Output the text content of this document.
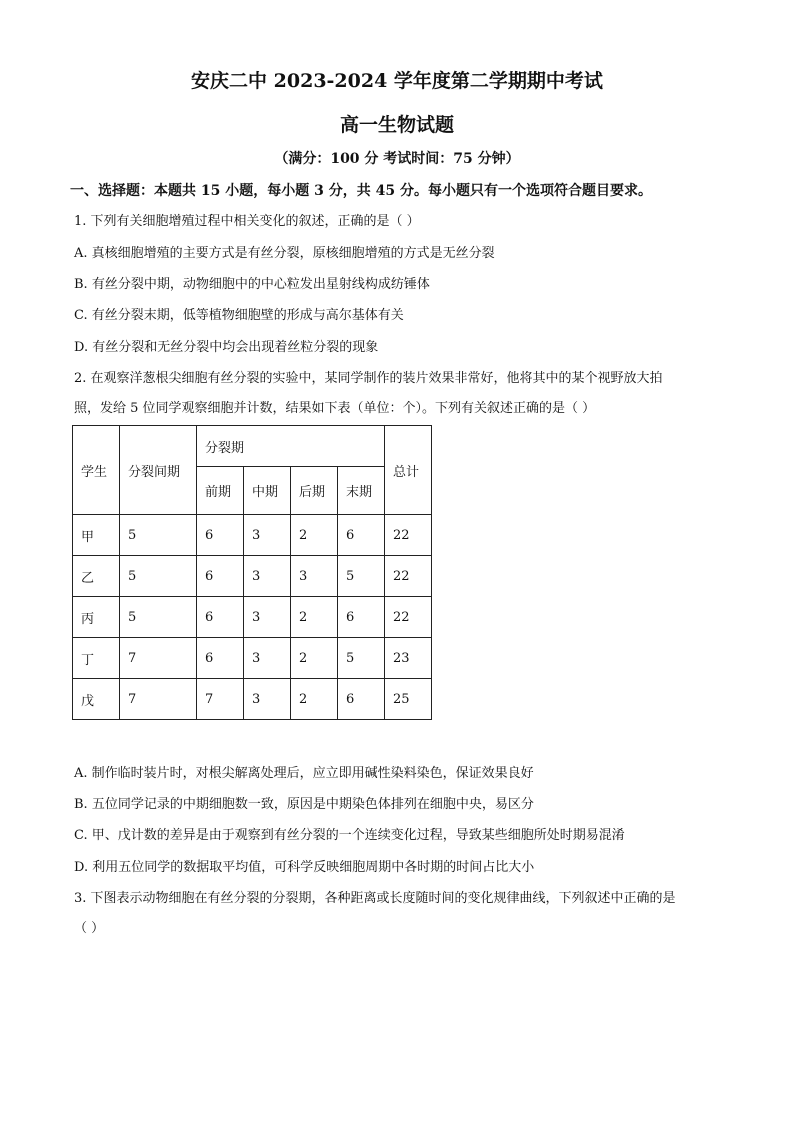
安庆二中 2023-2024 学年度第二学期期中考试
高一生物试题
（满分：100 分 考试时间：75 分钟）
一、选择题：本题共 15 小题，每小题 3 分，共 45 分。每小题只有一个选项符合题目要求。
1. 下列有关细胞增殖过程中相关变化的叙述，正确的是（ ）
A. 真核细胞增殖的主要方式是有丝分裂，原核细胞增殖的方式是无丝分裂
B. 有丝分裂中期，动物细胞中的中心粒发出星射线构成纺锤体
C. 有丝分裂末期，低等植物细胞壁的形成与高尔基体有关
D. 有丝分裂和无丝分裂中均会出现着丝粒分裂的现象
2. 在观察洋葱根尖细胞有丝分裂的实验中，某同学制作的装片效果非常好，他将其中的某个视野放大拍
照，发给 5 位同学观察细胞并计数，结果如下表（单位：个）。下列有关叙述正确的是（ ）
学生	分裂间期	分裂期				总计
		前期	中期	后期	末期	
甲	5	6	3	2	6	22
乙	5	6	3	3	5	22
丙	5	6	3	2	6	22
丁	7	6	3	2	5	23
戊	7	7	3	2	6	25
A. 制作临时装片时，对根尖解离处理后，应立即用碱性染料染色，保证效果良好
B. 五位同学记录的中期细胞数一致，原因是中期染色体排列在细胞中央，易区分
C. 甲、戊计数的差异是由于观察到有丝分裂的一个连续变化过程，导致某些细胞所处时期易混淆
D. 利用五位同学的数据取平均值，可科学反映细胞周期中各时期的时间占比大小
3. 下图表示动物细胞在有丝分裂的分裂期，各种距离或长度随时间的变化规律曲线，下列叙述中正确的是
（ ）
